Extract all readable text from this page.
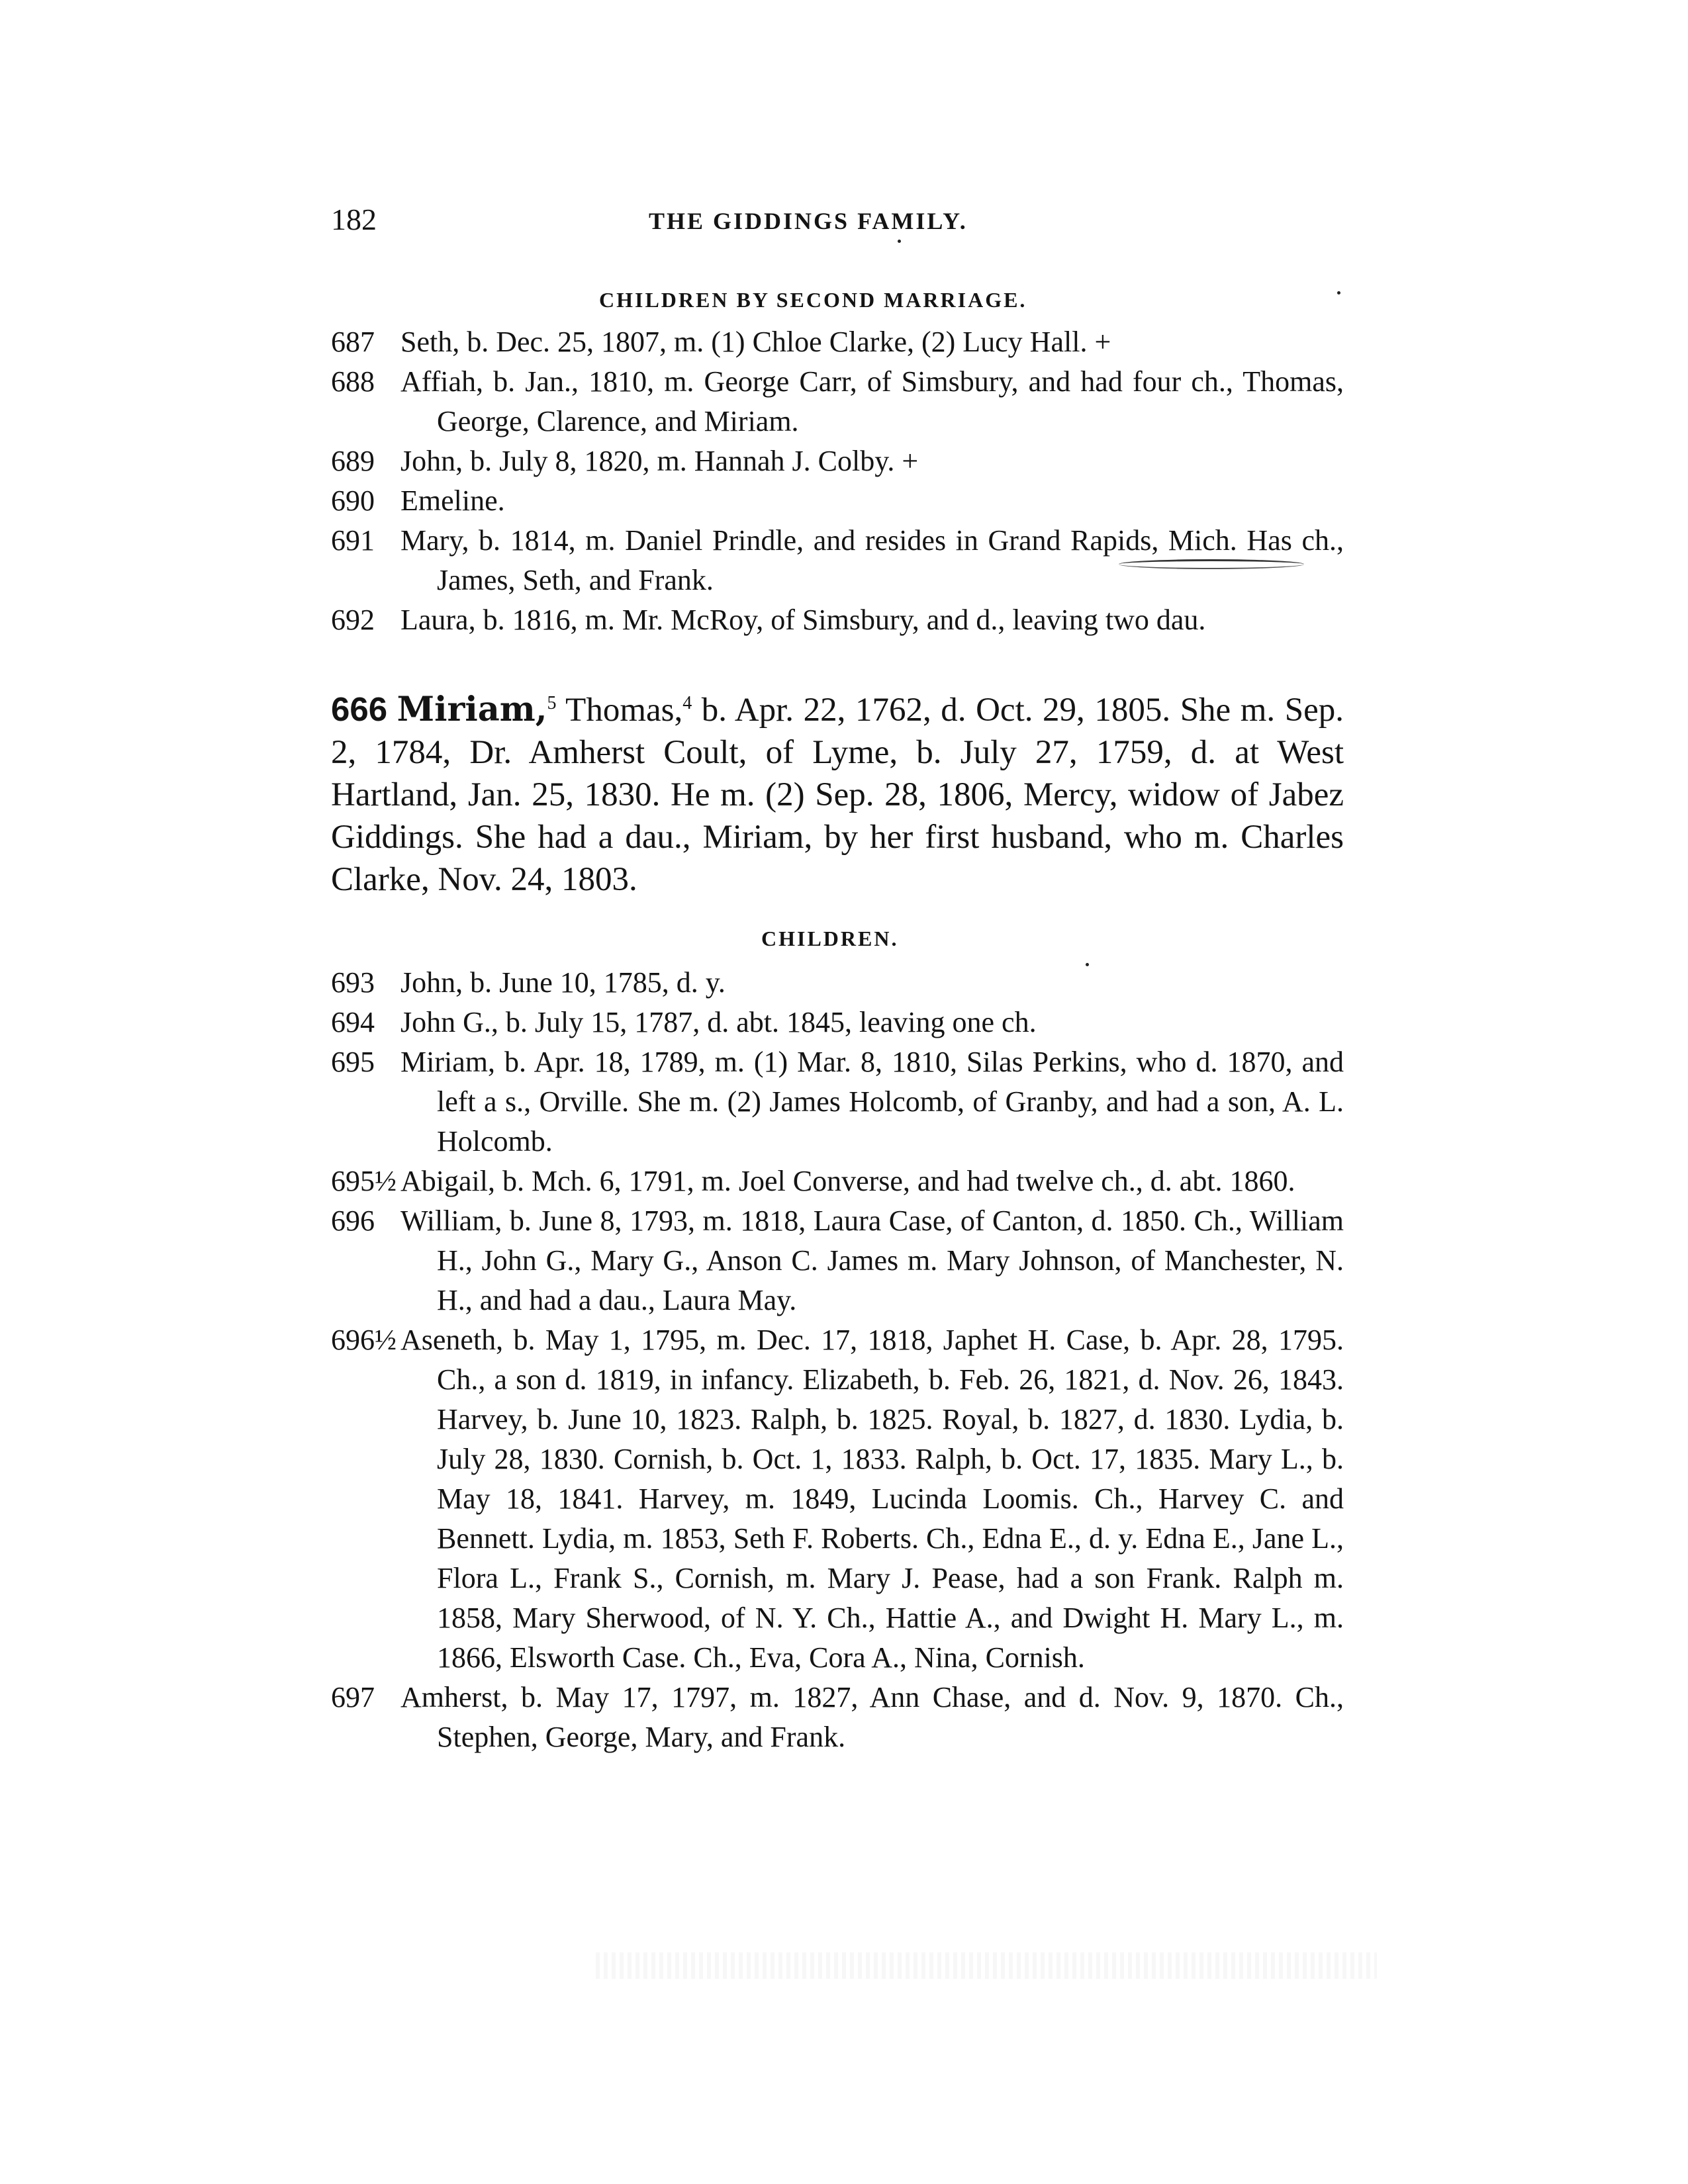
182	THE GIDDINGS FAMILY.
CHILDREN BY SECOND MARRIAGE.
687 Seth, b. Dec. 25, 1807, m. (1) Chloe Clarke, (2) Lucy Hall. +
688 Affiah, b. Jan., 1810, m. George Carr, of Simsbury, and had four ch., Thomas, George, Clarence, and Miriam.
689 John, b. July 8, 1820, m. Hannah J. Colby. +
690 Emeline.
691 Mary, b. 1814, m. Daniel Prindle, and resides in Grand Rapids, Mich. Has ch., James, Seth, and Frank.
692 Laura, b. 1816, m. Mr. McRoy, of Simsbury, and d., leaving two dau.
666 Miriam,$^5$ Thomas,$^4$ b. Apr. 22, 1762, d. Oct. 29, 1805. She m. Sep. 2, 1784, Dr. Amherst Coult, of Lyme, b. July 27, 1759, d. at West Hartland, Jan. 25, 1830. He m. (2) Sep. 28, 1806, Mercy, widow of Jabez Giddings. She had a dau., Miriam, by her first husband, who m. Charles Clarke, Nov. 24, 1803.
CHILDREN.
693 John, b. June 10, 1785, d. y.
694 John G., b. July 15, 1787, d. abt. 1845, leaving one ch.
695 Miriam, b. Apr. 18, 1789, m. (1) Mar. 8, 1810, Silas Perkins, who d. 1870, and left a s., Orville. She m. (2) James Holcomb, of Granby, and had a son, A. L. Holcomb.
695½ Abigail, b. Mch. 6, 1791, m. Joel Converse, and had twelve ch., d. abt. 1860.
696 William, b. June 8, 1793, m. 1818, Laura Case, of Canton, d. 1850. Ch., William H., John G., Mary G., Anson C. James m. Mary Johnson, of Manchester, N. H., and had a dau., Laura May.
696½ Aseneth, b. May 1, 1795, m. Dec. 17, 1818, Japhet H. Case, b. Apr. 28, 1795. Ch., a son d. 1819, in infancy. Elizabeth, b. Feb. 26, 1821, d. Nov. 26, 1843. Harvey, b. June 10, 1823. Ralph, b. 1825. Royal, b. 1827, d. 1830. Lydia, b. July 28, 1830. Cornish, b. Oct. 1, 1833. Ralph, b. Oct. 17, 1835. Mary L., b. May 18, 1841. Harvey, m. 1849, Lucinda Loomis. Ch., Harvey C. and Bennett. Lydia, m. 1853, Seth F. Roberts. Ch., Edna E., d. y. Edna E., Jane L., Flora L., Frank S., Cornish, m. Mary J. Pease, had a son Frank. Ralph m. 1858, Mary Sherwood, of N. Y. Ch., Hattie A., and Dwight H. Mary L., m. 1866, Elsworth Case. Ch., Eva, Cora A., Nina, Cornish.
697 Amherst, b. May 17, 1797, m. 1827, Ann Chase, and d. Nov. 9, 1870. Ch., Stephen, George, Mary, and Frank.
